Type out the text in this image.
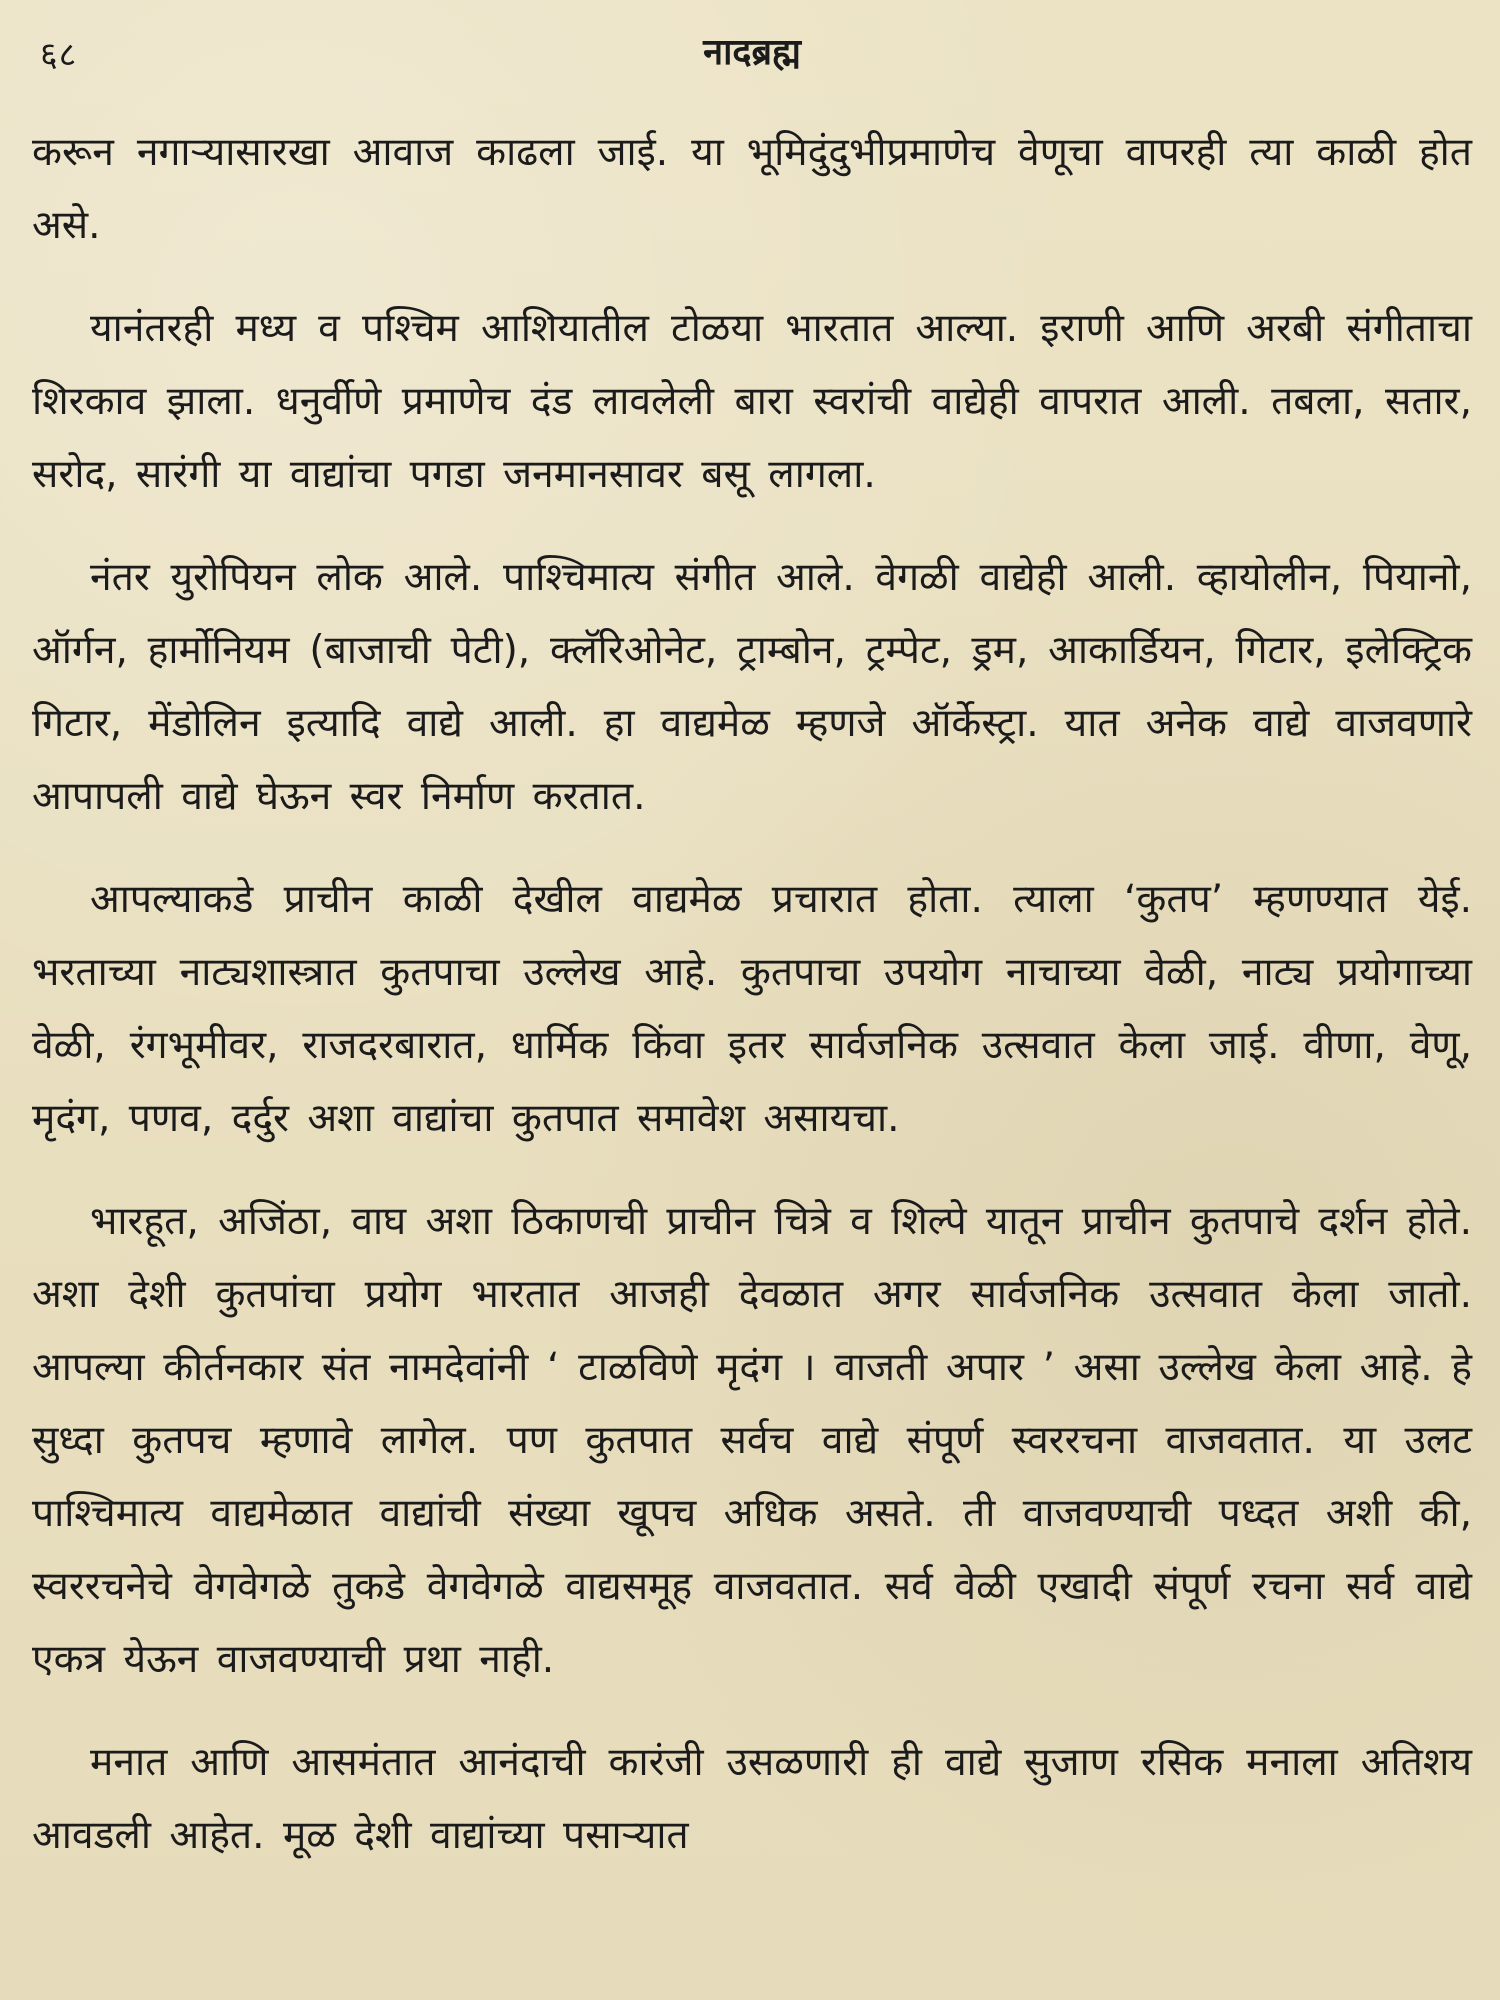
६८	नादब्रह्म

करून नगाऱ्यासारखा आवाज काढला जाई. या भूमिदुंदुभीप्रमाणेच वेणूचा वापरही त्या काळी होत असे.

यानंतरही मध्य व पश्चिम आशियातील टोळया भारतात आल्या. इराणी आणि अरबी संगीताचा शिरकाव झाला. धनुर्वीणे प्रमाणेच दंड लावलेली बारा स्वरांची वाद्येही वापरात आली. तबला, सतार, सरोद, सारंगी या वाद्यांचा पगडा जनमानसावर बसू लागला.

नंतर युरोपियन लोक आले. पाश्चिमात्य संगीत आले. वेगळी वाद्येही आली. व्हायोलीन, पियानो, ऑर्गन, हार्मोनियम (बाजाची पेटी), क्लॅरिओनेट, ट्राम्बोन, ट्रम्पेट, ड्रम, आकार्डियन, गिटार, इलेक्ट्रिक गिटार, मेंडोलिन इत्यादि वाद्ये आली. हा वाद्यमेळ म्हणजे ऑर्केस्ट्रा. यात अनेक वाद्ये वाजवणारे आपापली वाद्ये घेऊन स्वर निर्माण करतात.

आपल्याकडे प्राचीन काळी देखील वाद्यमेळ प्रचारात होता. त्याला ‘कुतप’ म्हणण्यात येई. भरताच्या नाट्यशास्त्रात कुतपाचा उल्लेख आहे. कुतपाचा उपयोग नाचाच्या वेळी, नाट्य प्रयोगाच्या वेळी, रंगभूमीवर, राजदरबारात, धार्मिक किंवा इतर सार्वजनिक उत्सवात केला जाई. वीणा, वेणू, मृदंग, पणव, दर्दुर अशा वाद्यांचा कुतपात समावेश असायचा.

भारहूत, अजिंठा, वाघ अशा ठिकाणची प्राचीन चित्रे व शिल्पे यातून प्राचीन कुतपाचे दर्शन होते. अशा देशी कुतपांचा प्रयोग भारतात आजही देवळात अगर सार्वजनिक उत्सवात केला जातो. आपल्या कीर्तनकार संत नामदेवांनी ‘ टाळविणे मृदंग । वाजती अपार ’ असा उल्लेख केला आहे. हे सुध्दा कुतपच म्हणावे लागेल. पण कुतपात सर्वच वाद्ये संपूर्ण स्वररचना वाजवतात. या उलट पाश्चिमात्य वाद्यमेळात वाद्यांची संख्या खूपच अधिक असते. ती वाजवण्याची पध्दत अशी की, स्वररचनेचे वेगवेगळे तुकडे वेगवेगळे वाद्यसमूह वाजवतात. सर्व वेळी एखादी संपूर्ण रचना सर्व वाद्ये एकत्र येऊन वाजवण्याची प्रथा नाही.

मनात आणि आसमंतात आनंदाची कारंजी उसळणारी ही वाद्ये सुजाण रसिक मनाला अतिशय आवडली आहेत. मूळ देशी वाद्यांच्या पसाऱ्यात
